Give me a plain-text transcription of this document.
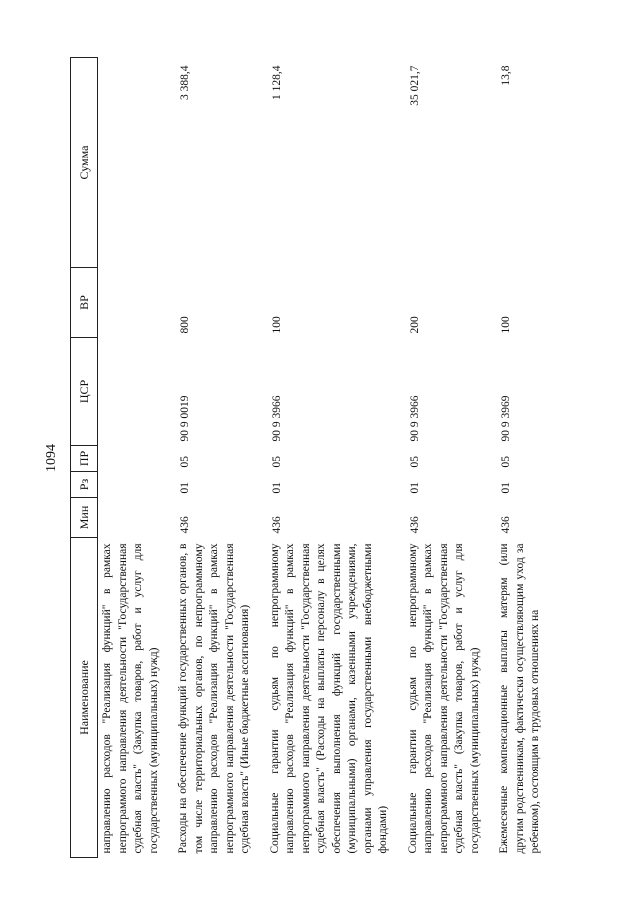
1094
Наименование	Мин	Рз	ПР	ЦСР	ВР	Сумма
направлению расходов "Реализация функций" в рамках непрограммого направления деятельности "Государственная судебная власть" (Закупка товаров, работ и услуг для государственных (муниципальных) нужд)						

Расходы на обеспечение функций государственных органов, в том числе территориальных органов, по непрограммному направлению расходов "Реализация функций" в рамках непрограммного направления деятельности "Государственная судебная власть" (Иные бюджетные ассигнования)	436	01	05	90 9 0019	800	3 388,4

Социальные гарантии судьям по непрограммному направлению расходов "Реализация функций" в рамках непрограммного направления деятельности "Государственная судебная власть" (Расходы на выплаты персоналу в целях обеспечения выполнения функций государственными (муниципальными) органами, казенными учреждениями, органами управления государственными внебюджетными фондами)	436	01	05	90 9 3966	100	1 128,4

Социальные гарантии судьям по непрограммному направлению расходов "Реализация функций" в рамках непрограммного направления деятельности "Государственная судебная власть" (Закупка товаров, работ и услуг для государственных (муниципальных) нужд)	436	01	05	90 9 3966	200	35 021,7

Ежемесячные компенсационные выплаты матерям (или другим родственникам, фактически осуществляющим уход за ребенком), состоящим в трудовых отношениях на	436	01	05	90 9 3969	100	13,8
